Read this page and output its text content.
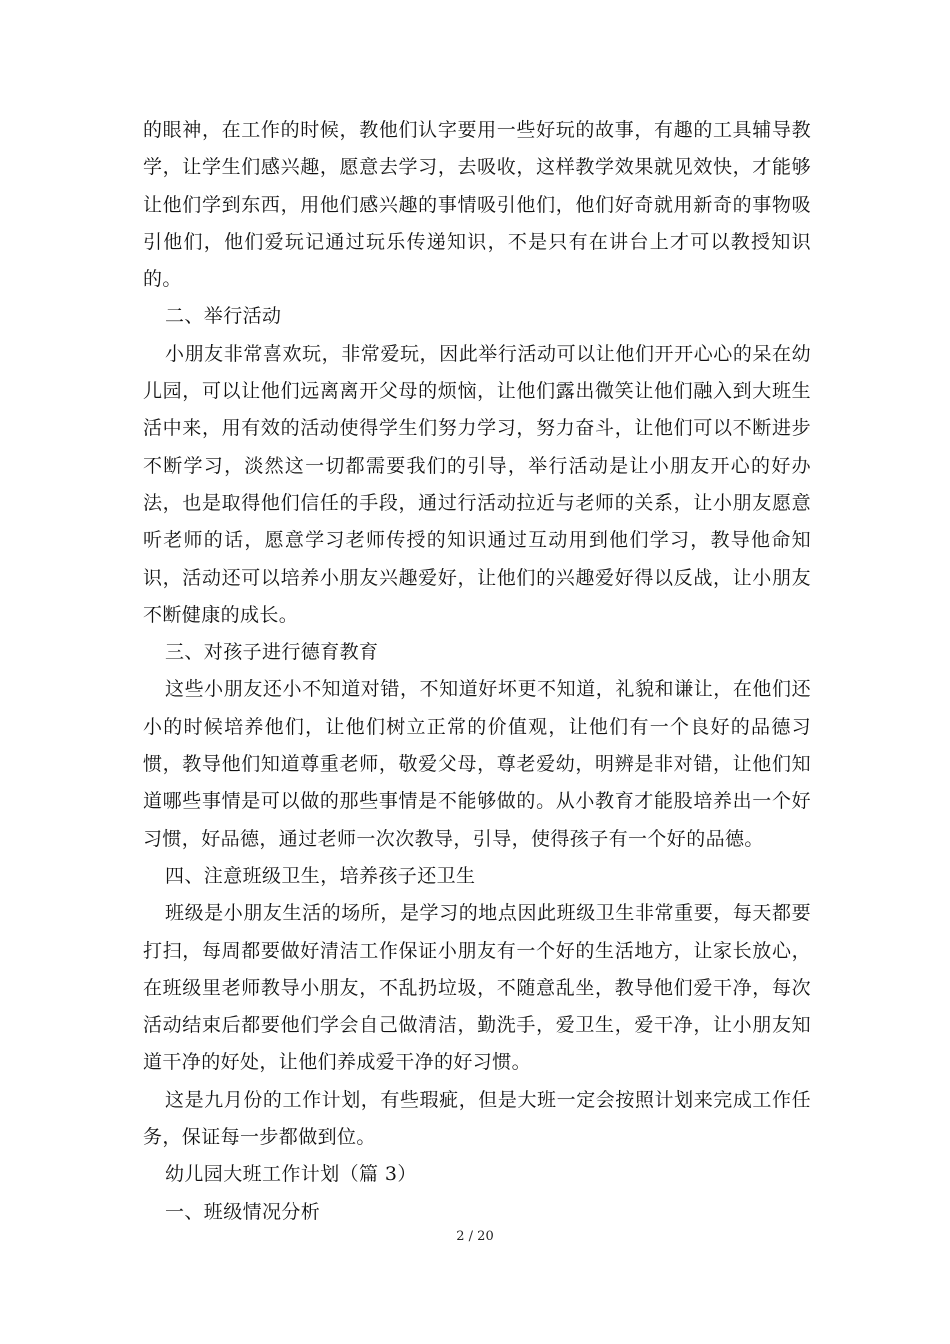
的眼神，在工作的时候，教他们认字要用一些好玩的故事，有趣的工具辅导教学，让学生们感兴趣，愿意去学习，去吸收，这样教学效果就见效快，才能够让他们学到东西，用他们感兴趣的事情吸引他们，他们好奇就用新奇的事物吸引他们，他们爱玩记通过玩乐传递知识，不是只有在讲台上才可以教授知识的。

二、举行活动

小朋友非常喜欢玩，非常爱玩，因此举行活动可以让他们开开心心的呆在幼儿园，可以让他们远离离开父母的烦恼，让他们露出微笑让他们融入到大班生活中来，用有效的活动使得学生们努力学习，努力奋斗，让他们可以不断进步不断学习，淡然这一切都需要我们的引导，举行活动是让小朋友开心的好办法，也是取得他们信任的手段，通过行活动拉近与老师的关系，让小朋友愿意听老师的话，愿意学习老师传授的知识通过互动用到他们学习，教导他命知识，活动还可以培养小朋友兴趣爱好，让他们的兴趣爱好得以反战，让小朋友不断健康的成长。

三、对孩子进行德育教育

这些小朋友还小不知道对错，不知道好坏更不知道，礼貌和谦让，在他们还小的时候培养他们，让他们树立正常的价值观，让他们有一个良好的品德习惯，教导他们知道尊重老师，敬爱父母，尊老爱幼，明辨是非对错，让他们知道哪些事情是可以做的那些事情是不能够做的。从小教育才能股培养出一个好习惯，好品德，通过老师一次次教导，引导，使得孩子有一个好的品德。

四、注意班级卫生，培养孩子还卫生

班级是小朋友生活的场所，是学习的地点因此班级卫生非常重要，每天都要打扫，每周都要做好清洁工作保证小朋友有一个好的生活地方，让家长放心，在班级里老师教导小朋友，不乱扔垃圾，不随意乱坐，教导他们爱干净，每次活动结束后都要他们学会自己做清洁，勤洗手，爱卫生，爱干净，让小朋友知道干净的好处，让他们养成爱干净的好习惯。

这是九月份的工作计划，有些瑕疵，但是大班一定会按照计划来完成工作任务，保证每一步都做到位。

幼儿园大班工作计划（篇 3）

一、班级情况分析

2 / 20
